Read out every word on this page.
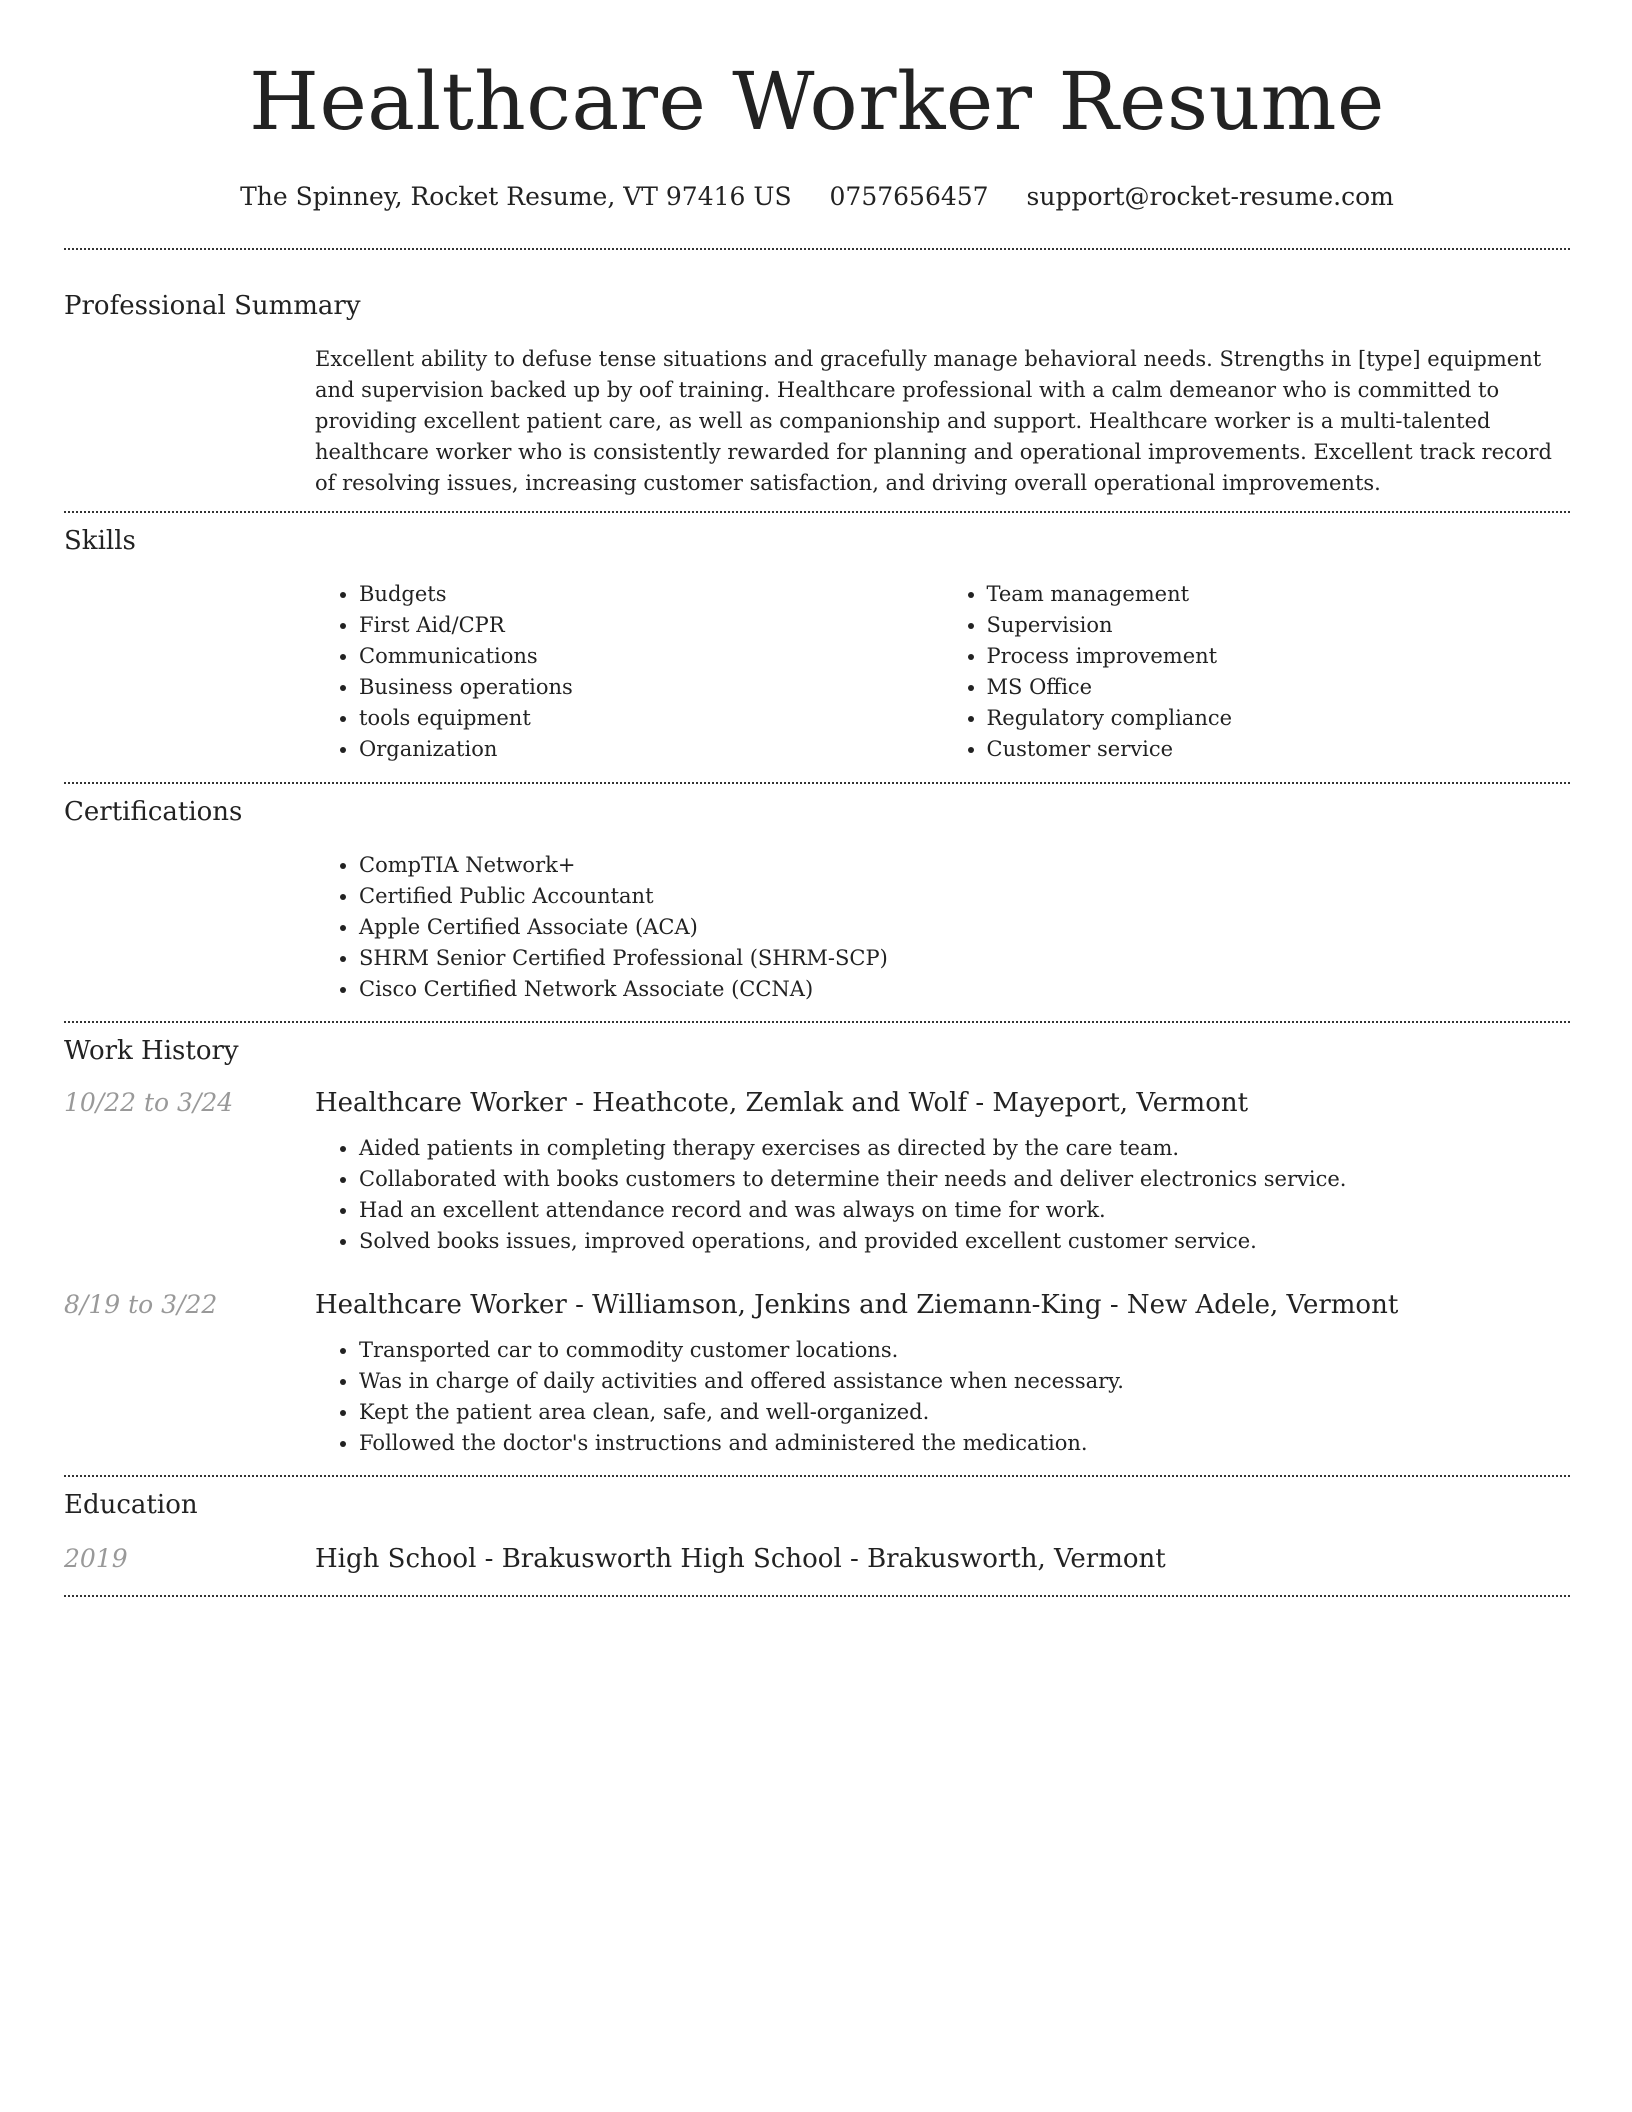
Healthcare Worker Resume
The Spinney, Rocket Resume, VT 97416 US 0757656457 support@rocket-resume.com
Professional Summary

Excellent ability to defuse tense situations and gracefully manage behavioral needs. Strengths in [type] equipment and supervision backed up by oof training. Healthcare professional with a calm demeanor who is committed to providing excellent patient care, as well as companionship and support. Healthcare worker is a multi-talented healthcare worker who is consistently rewarded for planning and operational improvements. Excellent track record of resolving issues, increasing customer satisfaction, and driving overall operational improvements.

Skills
• Budgets
• First Aid/CPR
• Communications
• Business operations
• tools equipment
• Organization
• Team management
• Supervision
• Process improvement
• MS Office
• Regulatory compliance
• Customer service
Certifications
• CompTIA Network+
• Certified Public Accountant
• Apple Certified Associate (ACA)
• SHRM Senior Certified Professional (SHRM-SCP)
• Cisco Certified Network Associate (CCNA)
Work History
10/22 to 3/24	Healthcare Worker - Heathcote, Zemlak and Wolf - Mayeport, Vermont
• Aided patients in completing therapy exercises as directed by the care team.
• Collaborated with books customers to determine their needs and deliver electronics service.
• Had an excellent attendance record and was always on time for work.
• Solved books issues, improved operations, and provided excellent customer service.
8/19 to 3/22	Healthcare Worker - Williamson, Jenkins and Ziemann-King - New Adele, Vermont
• Transported car to commodity customer locations.
• Was in charge of daily activities and offered assistance when necessary.
• Kept the patient area clean, safe, and well-organized.
• Followed the doctor's instructions and administered the medication.
Education
2019	High School - Brakusworth High School - Brakusworth, Vermont
